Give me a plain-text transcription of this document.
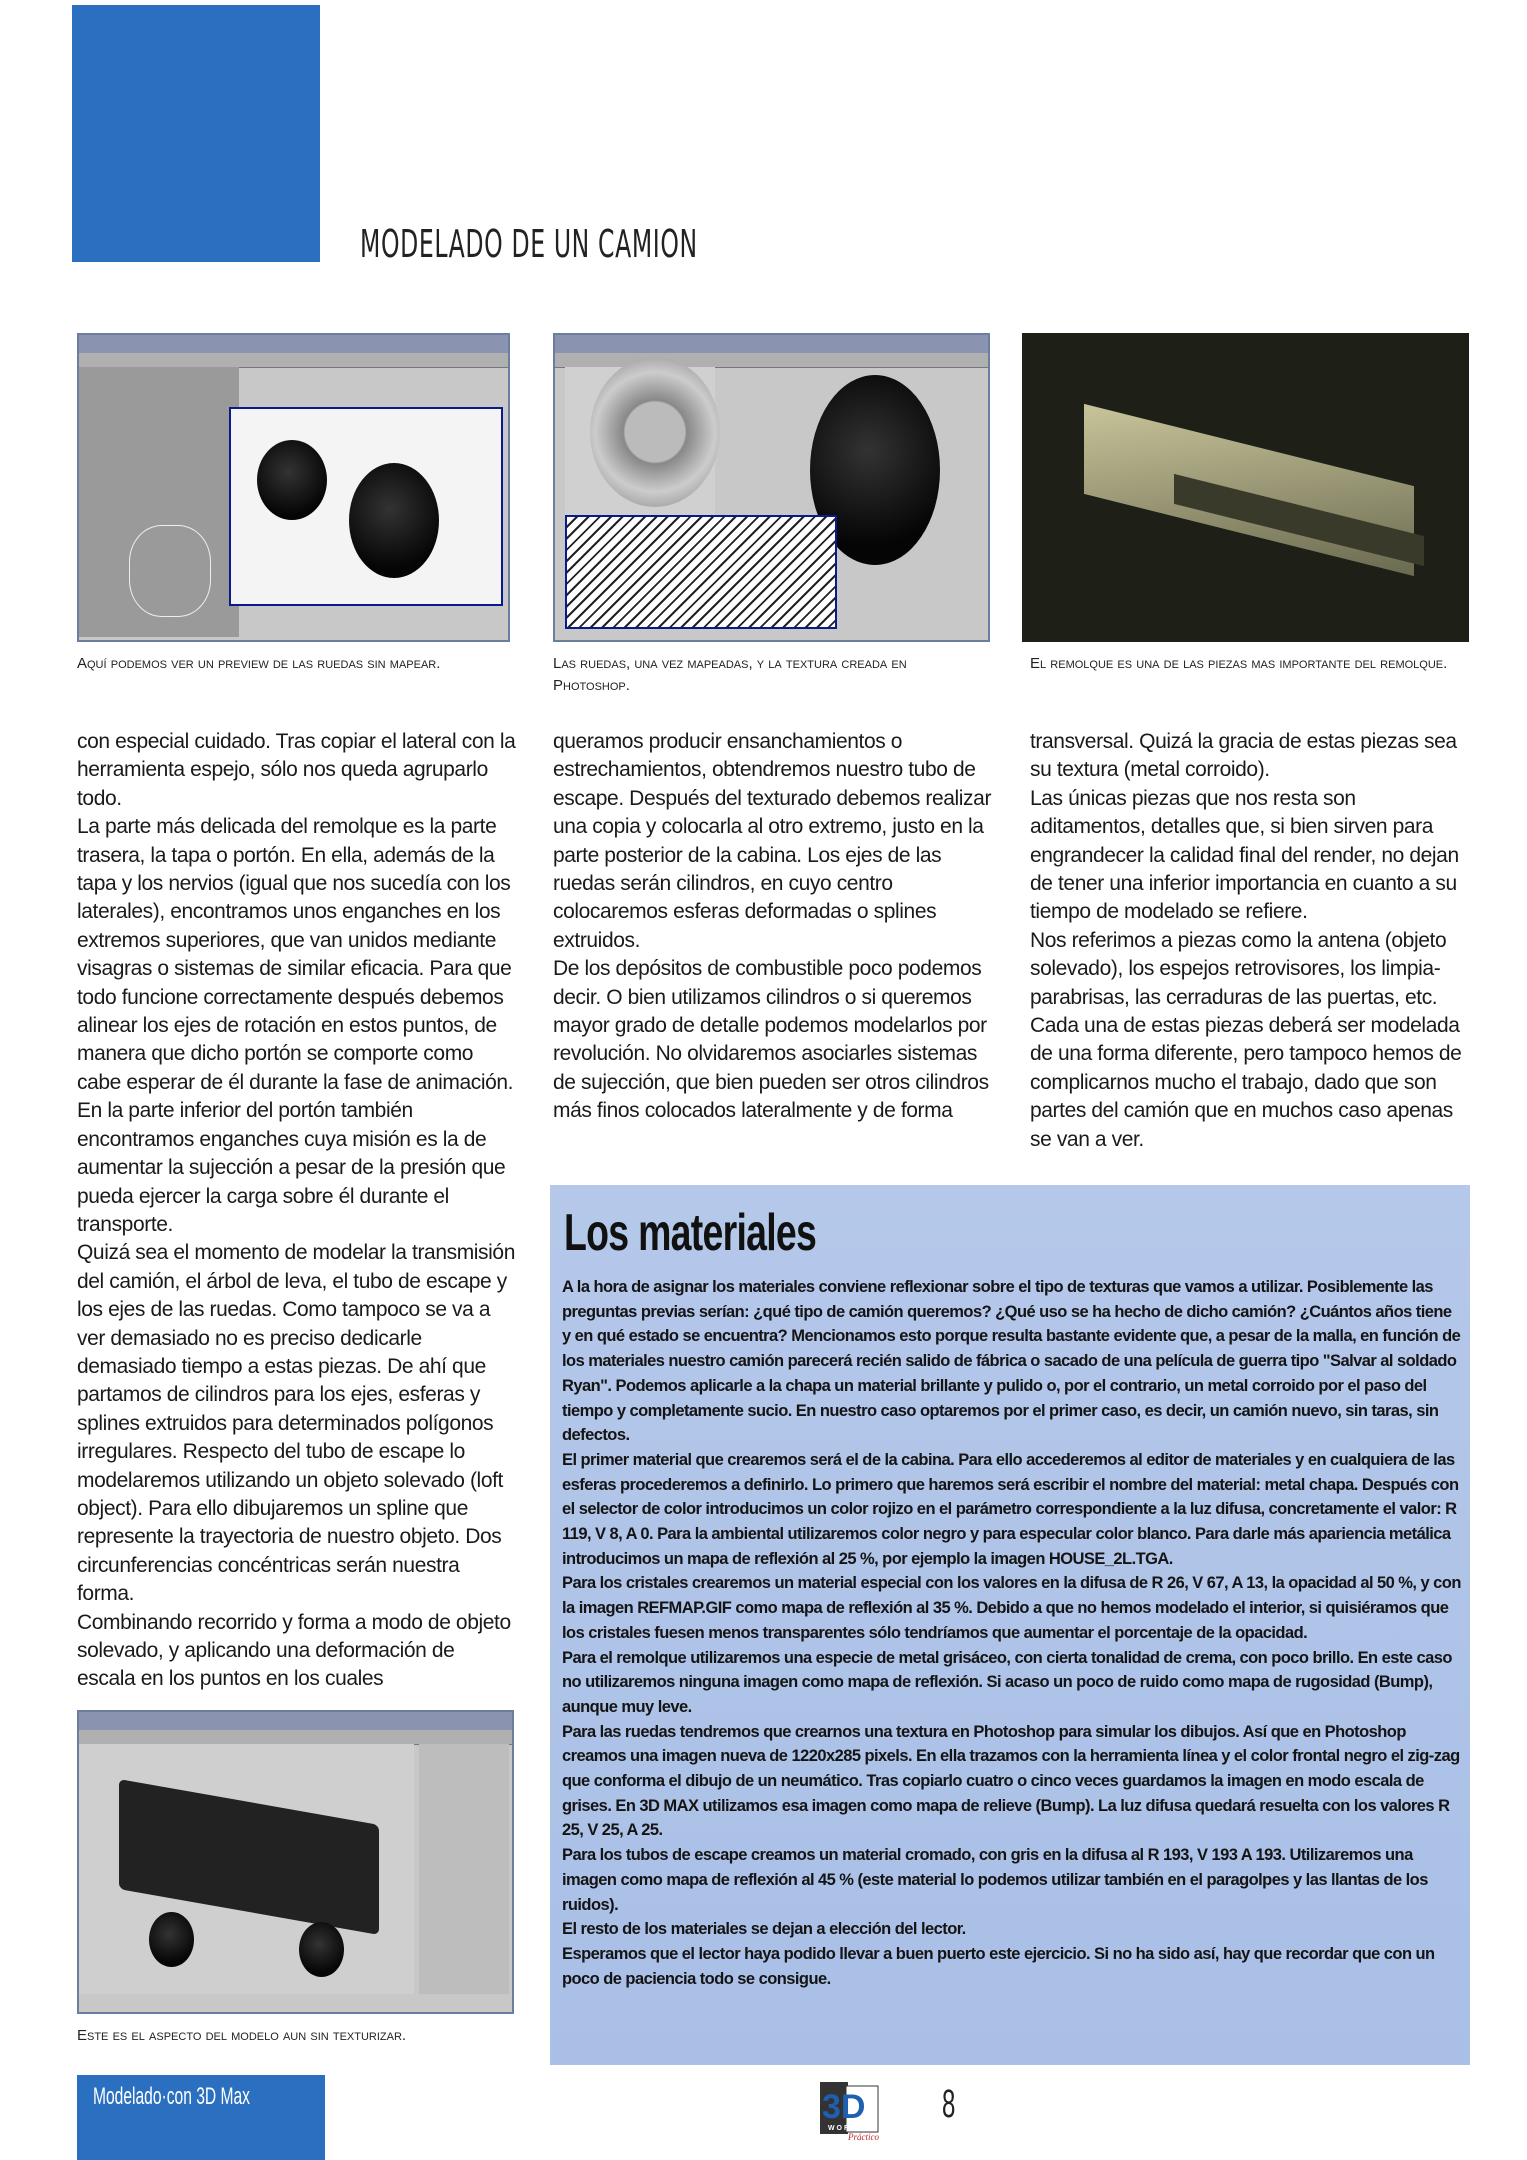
MODELADO DE UN CAMION
Aquí podemos ver un preview de las ruedas sin mapear.	Las ruedas, una vez mapeadas, y la textura creada en Photoshop.
El remolque es una de las piezas mas importante del remolque.

con especial cuidado. Tras copiar el lateral con la herramienta espejo, sólo nos queda agruparlo todo.

La parte más delicada del remolque es la parte trasera, la tapa o portón. En ella, además de la tapa y los nervios (igual que nos sucedía con los laterales), encontramos unos enganches en los extremos superiores, que van unidos mediante visagras o sistemas de similar eficacia. Para que todo funcione correctamente después debemos alinear los ejes de rotación en estos puntos, de manera que dicho portón se comporte como cabe esperar de él durante la fase de animación. En la parte inferior del portón también encontramos enganches cuya misión es la de aumentar la sujección a pesar de la presión que pueda ejercer la carga sobre él durante el transporte.

Quizá sea el momento de modelar la transmisión del camión, el árbol de leva, el tubo de escape y los ejes de las ruedas. Como tampoco se va a ver demasiado no es preciso dedicarle demasiado tiempo a estas piezas. De ahí que partamos de cilindros para los ejes, esferas y splines extruidos para determinados polígonos irregulares. Respecto del tubo de escape lo modelaremos utilizando un objeto solevado (loft object). Para ello dibujaremos un spline que represente la trayectoria de nuestro objeto. Dos circunferencias concéntricas serán nuestra forma.

Combinando recorrido y forma a modo de objeto solevado, y aplicando una deformación de escala en los puntos en los cuales

queramos producir ensanchamientos o estrechamientos, obtendremos nuestro tubo de escape. Después del texturado debemos realizar una copia y colocarla al otro extremo, justo en la parte posterior de la cabina. Los ejes de las ruedas serán cilindros, en cuyo centro colocaremos esferas deformadas o splines extruidos.

De los depósitos de combustible poco podemos decir. O bien utilizamos cilindros o si queremos mayor grado de detalle podemos modelarlos por revolución. No olvidaremos asociarles sistemas de sujección, que bien pueden ser otros cilindros más finos colocados lateralmente y de forma

transversal. Quizá la gracia de estas piezas sea su textura (metal corroido).

Las únicas piezas que nos resta son aditamentos, detalles que, si bien sirven para engrandecer la calidad final del render, no dejan de tener una inferior importancia en cuanto a su tiempo de modelado se refiere.

Nos referimos a piezas como la antena (objeto solevado), los espejos retrovisores, los limpia-parabrisas, las cerraduras de las puertas, etc.

Cada una de estas piezas deberá ser modelada de una forma diferente, pero tampoco hemos de complicarnos mucho el trabajo, dado que son partes del camión que en muchos caso apenas se van a ver.

Los materiales

A la hora de asignar los materiales conviene reflexionar sobre el tipo de texturas que vamos a utilizar. Posiblemente las preguntas previas serían: ¿qué tipo de camión queremos? ¿Qué uso se ha hecho de dicho camión? ¿Cuántos años tiene y en qué estado se encuentra? Mencionamos esto porque resulta bastante evidente que, a pesar de la malla, en función de los materiales nuestro camión parecerá recién salido de fábrica o sacado de una película de guerra tipo "Salvar al soldado Ryan". Podemos aplicarle a la chapa un material brillante y pulido o, por el contrario, un metal corroido por el paso del tiempo y completamente sucio. En nuestro caso optaremos por el primer caso, es decir, un camión nuevo, sin taras, sin defectos.

El primer material que crearemos será el de la cabina. Para ello accederemos al editor de materiales y en cualquiera de las esferas procederemos a definirlo. Lo primero que haremos será escribir el nombre del material: metal chapa. Después con el selector de color introducimos un color rojizo en el parámetro correspondiente a la luz difusa, concretamente el valor: R 119, V 8, A 0. Para la ambiental utilizaremos color negro y para especular color blanco. Para darle más apariencia metálica introducimos un mapa de reflexión al 25 %, por ejemplo la imagen HOUSE_2L.TGA.

Para los cristales crearemos un material especial con los valores en la difusa de R 26, V 67, A 13, la opacidad al 50 %, y con la imagen REFMAP.GIF como mapa de reflexión al 35 %. Debido a que no hemos modelado el interior, si quisiéramos que los cristales fuesen menos transparentes sólo tendríamos que aumentar el porcentaje de la opacidad.

Para el remolque utilizaremos una especie de metal grisáceo, con cierta tonalidad de crema, con poco brillo. En este caso no utilizaremos ninguna imagen como mapa de reflexión. Si acaso un poco de ruido como mapa de rugosidad (Bump), aunque muy leve.

Para las ruedas tendremos que crearnos una textura en Photoshop para simular los dibujos. Así que en Photoshop creamos una imagen nueva de 1220x285 pixels. En ella trazamos con la herramienta línea y el color frontal negro el zig-zag que conforma el dibujo de un neumático. Tras copiarlo cuatro o cinco veces guardamos la imagen en modo escala de grises. En 3D MAX utilizamos esa imagen como mapa de relieve (Bump). La luz difusa quedará resuelta con los valores R 25, V 25, A 25.

Para los tubos de escape creamos un material cromado, con gris en la difusa al R 193, V 193 A 193. Utilizaremos una imagen como mapa de reflexión al 45 % (este material lo podemos utilizar también en el paragolpes y las llantas de los ruidos).

El resto de los materiales se dejan a elección del lector.

Esperamos que el lector haya podido llevar a buen puerto este ejercicio. Si no ha sido así, hay que recordar que con un poco de paciencia todo se consigue.

Este es el aspecto del modelo aun sin texturizar.
Modelado·con 3D Max	3D
W O R L D
Práctico
8
